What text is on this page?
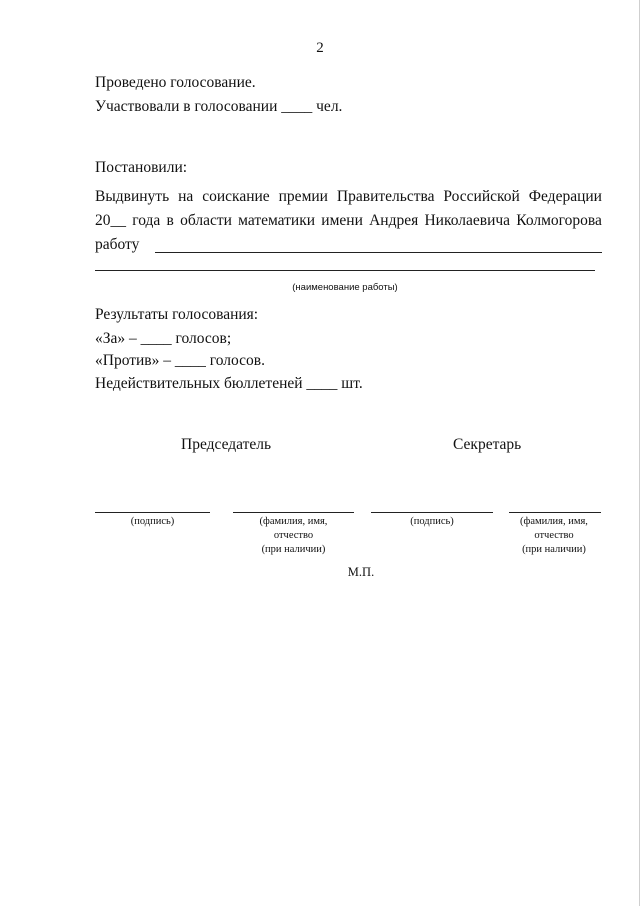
2
Проведено голосование.
Участвовали в голосовании ____ чел.
Постановили:
Выдвинуть на соискание премии Правительства Российской Федерации
20__ года в области математики имени Андрея Николаевича Колмогорова
работу
(наименование работы)
Результаты голосования:
«За» – ____ голосов;
«Против» – ____ голосов.
Недействительных бюллетеней ____ шт.
Председатель	Секретарь
(подпись)	(фамилия, имя,
отчество
(при наличии)
(подпись)	(фамилия, имя,
отчество
(при наличии)
М.П.
